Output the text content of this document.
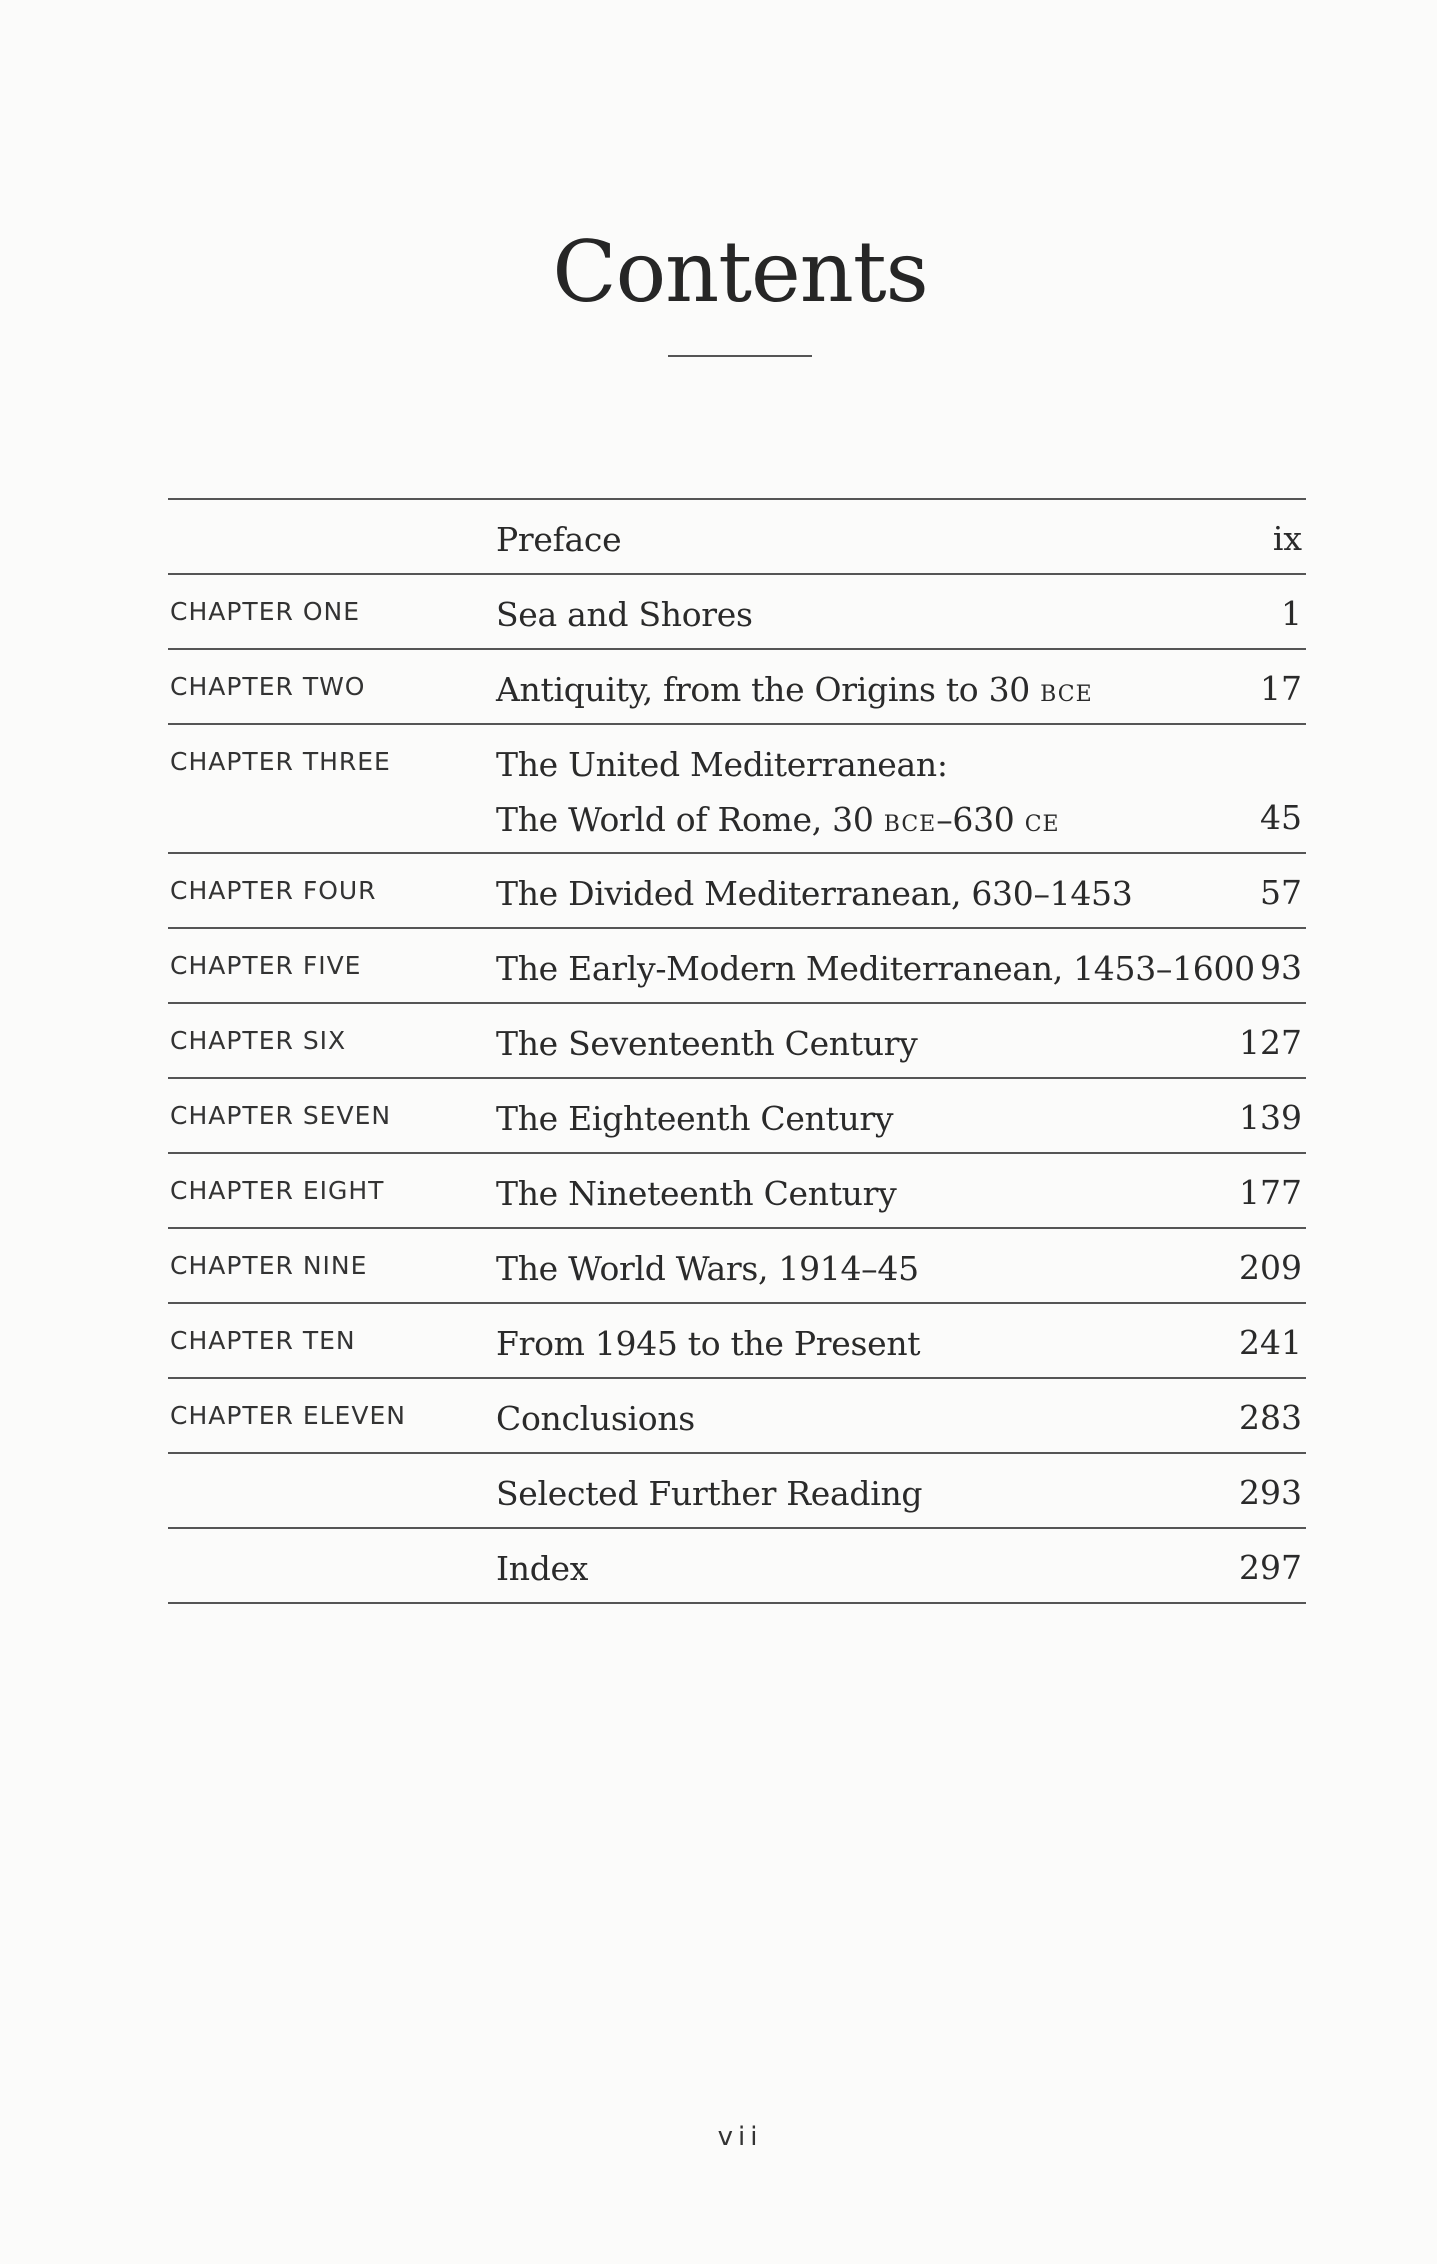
Contents
Preface	ix
CHAPTER ONE	Sea and Shores	1
CHAPTER TWO	Antiquity, from the Origins to 30 BCE	17
CHAPTER THREE	The United Mediterranean:
The World of Rome, 30 BCE–630 CE	45
CHAPTER FOUR	The Divided Mediterranean, 630–1453	57
CHAPTER FIVE	The Early-Modern Mediterranean, 1453–1600 93
CHAPTER SIX	The Seventeenth Century	127
CHAPTER SEVEN	The Eighteenth Century	139
CHAPTER EIGHT	The Nineteenth Century	177
CHAPTER NINE	The World Wars, 1914–45	209
CHAPTER TEN	From 1945 to the Present	241
CHAPTER ELEVEN	Conclusions	283
Selected Further Reading	293
Index	297
vii
